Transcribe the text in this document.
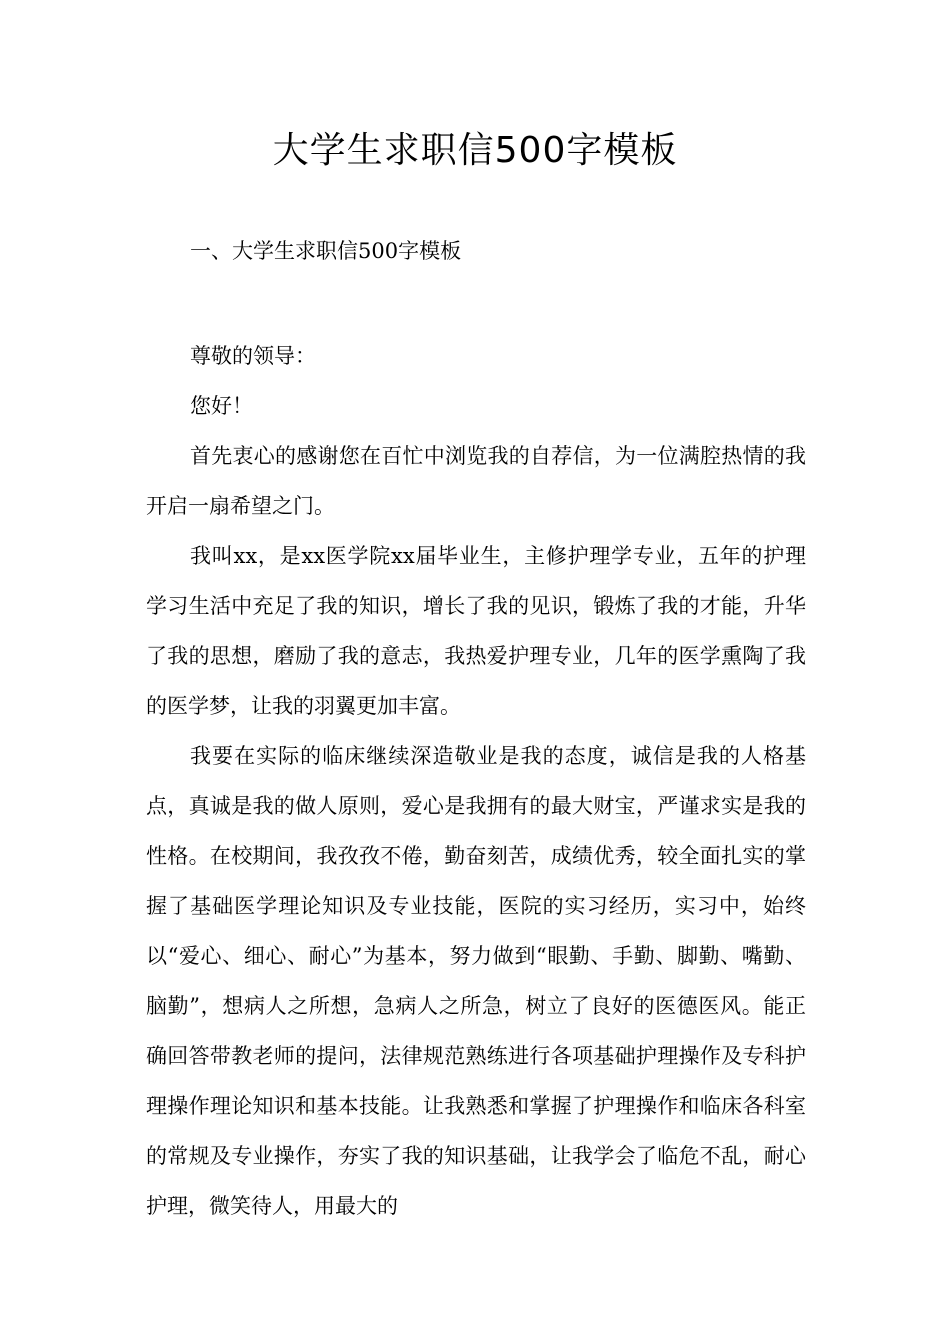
大学生求职信500字模板
一、大学生求职信500字模板

尊敬的领导：

您好！

首先衷心的感谢您在百忙中浏览我的自荐信，为一位满腔热情的我开启一扇希望之门。

我叫xx，是xx医学院xx届毕业生，主修护理学专业，五年的护理学习生活中充足了我的知识，增长了我的见识，锻炼了我的才能，升华了我的思想，磨励了我的意志，我热爱护理专业，几年的医学熏陶了我的医学梦，让我的羽翼更加丰富。

我要在实际的临床继续深造敬业是我的态度，诚信是我的人格基点，真诚是我的做人原则，爱心是我拥有的最大财宝，严谨求实是我的性格。在校期间，我孜孜不倦，勤奋刻苦，成绩优秀，较全面扎实的掌握了基础医学理论知识及专业技能，医院的实习经历，实习中，始终以“爱心、细心、耐心”为基本，努力做到“眼勤、手勤、脚勤、嘴勤、脑勤”，想病人之所想，急病人之所急，树立了良好的医德医风。能正确回答带教老师的提问，法律规范熟练进行各项基础护理操作及专科护理操作理论知识和基本技能。让我熟悉和掌握了护理操作和临床各科室的常规及专业操作，夯实了我的知识基础，让我学会了临危不乱，耐心护理，微笑待人，用最大的
